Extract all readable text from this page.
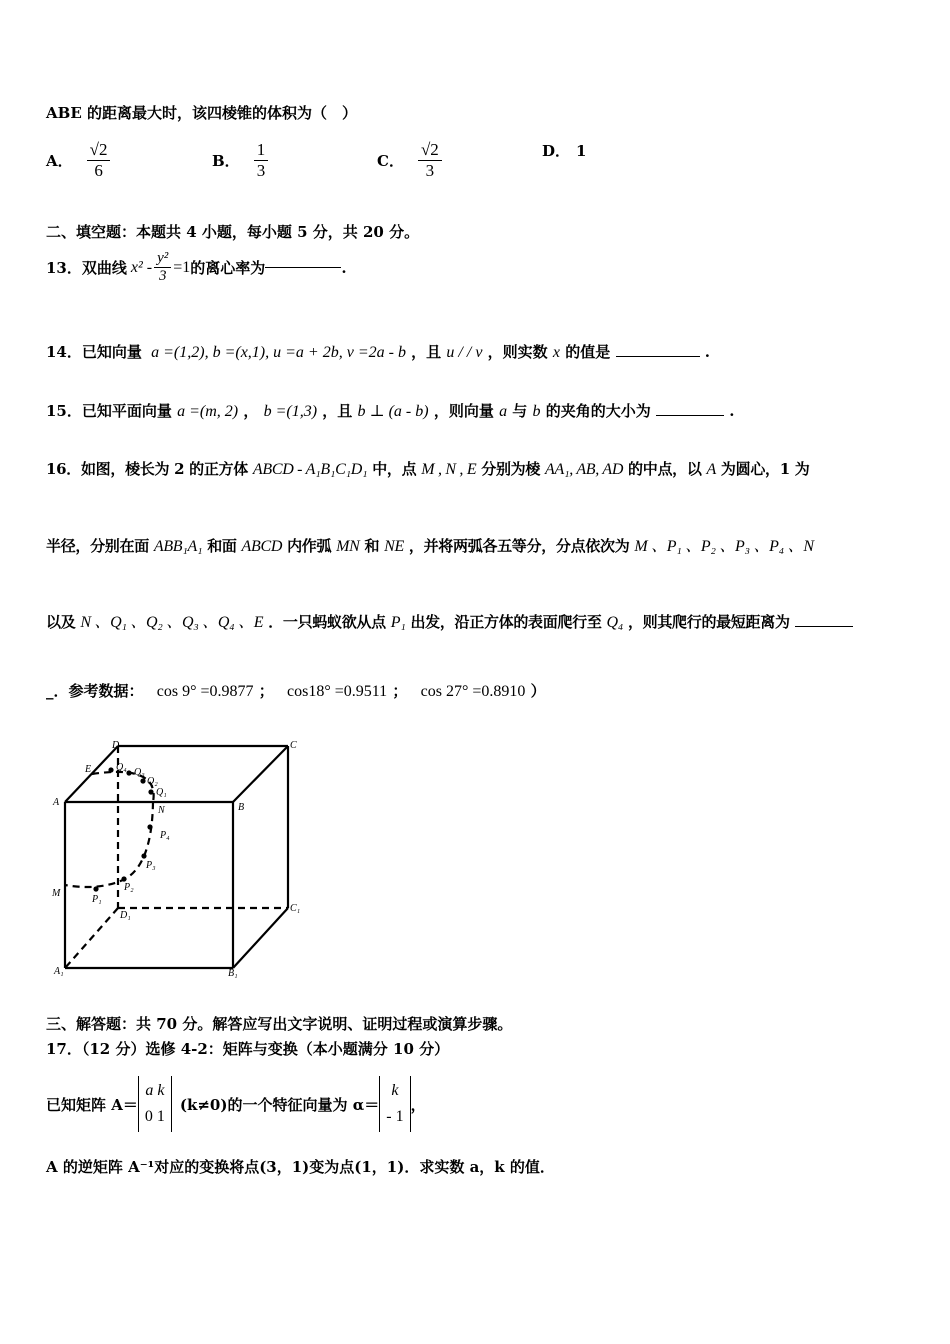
ABE 的距离最大时，该四棱锥的体积为（　）
A． $\frac{√2}{6}$	B． $\frac{1}{3}$	C． $\frac{√2}{3}$	D． 1
二、填空题：本题共 4 小题，每小题 5 分，共 20 分。
13．双曲线 $x^2 - \frac{\text{y²}}{3} =1$ 的离心率为	.
14．已知向量 a =(1,2), b =(x,1), u =a + 2b, v =2a - b ，且 u / / v ，则实数 x 的值是	.
15．已知平面向量 a =(m, 2) ， b =(1,3) ，且 b ⊥ (a - b) ，则向量 a 与 b 的夹角的大小为	.
16．如图，棱长为 2 的正方体 ABCD - A₁B₁C₁D₁ 中，点 M , N , E 分别为棱 AA₁, AB, AD 的中点，以 A 为圆心，1 为
半径，分别在面 ABB₁A₁ 和面 ABCD 内作弧 MN 和 NE ，并将两弧各五等分，分点依次为 M 、P₁ 、P₂ 、P₃ 、P₄ 、N
以及 N 、Q₁ 、Q₂ 、Q₃ 、Q₄ 、E ．一只蚂蚁欲从点 P₁ 出发，沿正方体的表面爬行至 Q₄ ，则其爬行的最短距离为
_．参考数据： cos 9° =0.9877 ； cos18° =0.9511 ； cos 27° =0.8910 ）
D	C
E Q₄ Q₃
Q₂
Q₁
A	B
N
P₄
P₃
P₂
M
P₁
D₁
C₁
A₁	B₁
三、解答题：共 70 分。解答应写出文字说明、证明过程或演算步骤。
17．（12 分）选修 4-2：矩阵与变换（本小题满分 10 分）
已知矩阵 A＝
a k
0 1
(k≠0)的一个特征向量为 α＝
k
- 1
，
A 的逆矩阵 A⁻¹对应的变换将点(3，1)变为点(1，1)．求实数 a，k 的值．
